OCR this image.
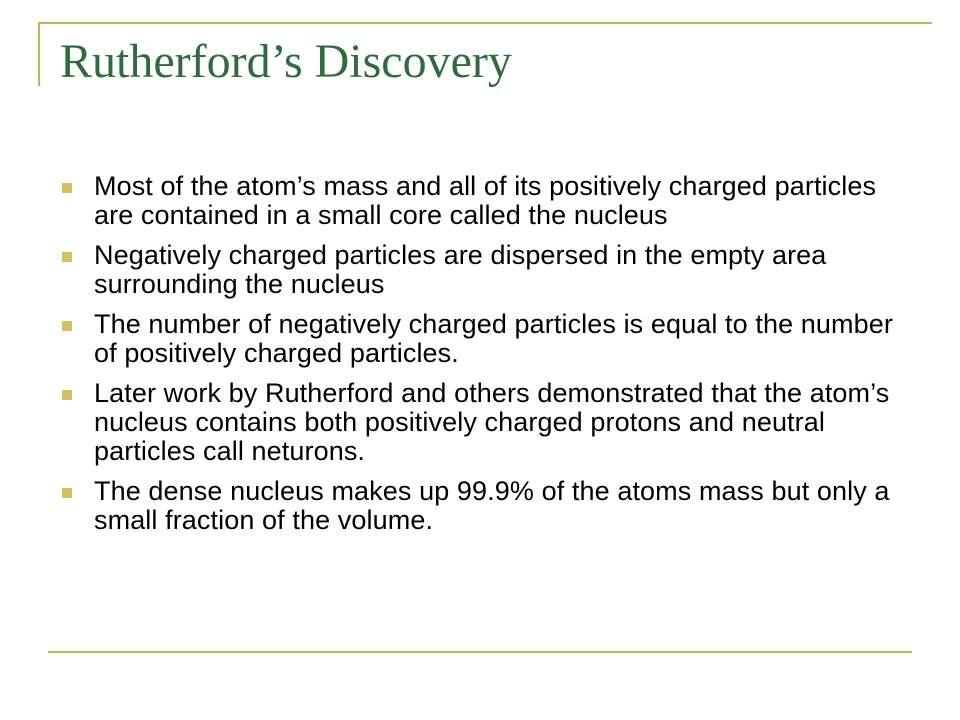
Rutherford’s Discovery
Most of the atom’s mass and all of its positively charged particles are contained in a small core called the nucleus
Negatively charged particles are dispersed in the empty area surrounding the nucleus
The number of negatively charged particles is equal to the number of positively charged particles.
Later work by Rutherford and others demonstrated that the atom’s nucleus contains both positively charged protons and neutral particles call neturons.
The dense nucleus makes up 99.9% of the atoms mass but only a small fraction of the volume.
